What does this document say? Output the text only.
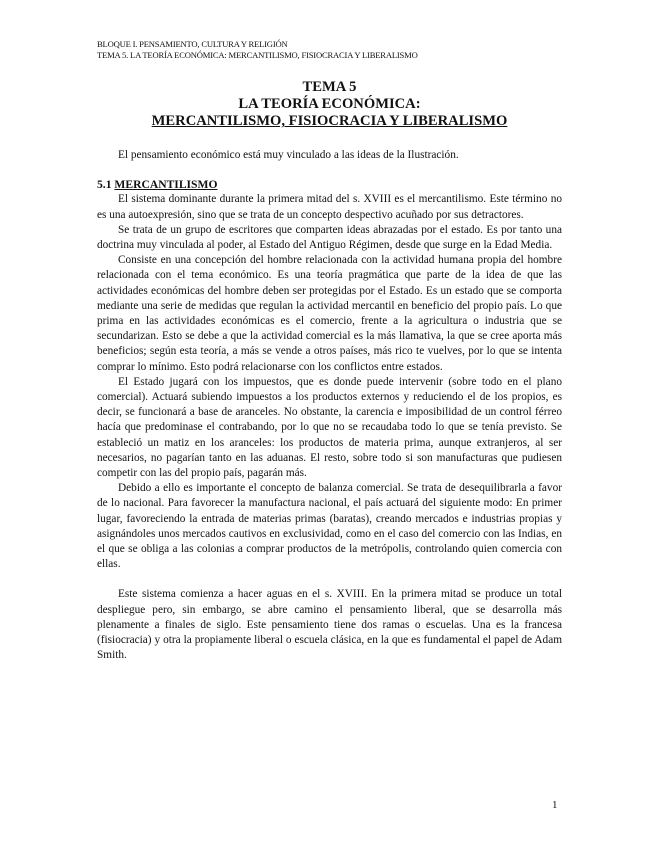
BLOQUE I. PENSAMIENTO, CULTURA Y RELIGIÓN
TEMA 5. LA TEORÍA ECONÓMICA: MERCANTILISMO, FISIOCRACIA Y LIBERALISMO
TEMA 5
LA TEORÍA ECONÓMICA:
MERCANTILISMO, FISIOCRACIA Y LIBERALISMO

El pensamiento económico está muy vinculado a las ideas de la Ilustración.

5.1 MERCANTILISMO

El sistema dominante durante la primera mitad del s. XVIII es el mercantilismo. Este término no es una autoexpresión, sino que se trata de un concepto despectivo acuñado por sus detractores.

Se trata de un grupo de escritores que comparten ideas abrazadas por el estado. Es por tanto una doctrina muy vinculada al poder, al Estado del Antiguo Régimen, desde que surge en la Edad Media.

Consiste en una concepción del hombre relacionada con la actividad humana propia del hombre relacionada con el tema económico. Es una teoría pragmática que parte de la idea de que las actividades económicas del hombre deben ser protegidas por el Estado. Es un estado que se comporta mediante una serie de medidas que regulan la actividad mercantil en beneficio del propio país. Lo que prima en las actividades económicas es el comercio, frente a la agricultura o industria que se secundarizan. Esto se debe a que la actividad comercial es la más llamativa, la que se cree aporta más beneficios; según esta teoría, a más se vende a otros países, más rico te vuelves, por lo que se intenta comprar lo mínimo. Esto podrá relacionarse con los conflictos entre estados.

El Estado jugará con los impuestos, que es donde puede intervenir (sobre todo en el plano comercial). Actuará subiendo impuestos a los productos externos y reduciendo el de los propios, es decir, se funcionará a base de aranceles. No obstante, la carencia e imposibilidad de un control férreo hacía que predominase el contrabando, por lo que no se recaudaba todo lo que se tenía previsto. Se estableció un matiz en los aranceles: los productos de materia prima, aunque extranjeros, al ser necesarios, no pagarían tanto en las aduanas. El resto, sobre todo si son manufacturas que pudiesen competir con las del propio país, pagarán más.

Debido a ello es importante el concepto de balanza comercial. Se trata de desequilibrarla a favor de lo nacional. Para favorecer la manufactura nacional, el país actuará del siguiente modo: En primer lugar, favoreciendo la entrada de materias primas (baratas), creando mercados e industrias propias y asignándoles unos mercados cautivos en exclusividad, como en el caso del comercio con las Indias, en el que se obliga a las colonias a comprar productos de la metrópolis, controlando quien comercia con ellas.

Este sistema comienza a hacer aguas en el s. XVIII. En la primera mitad se produce un total despliegue pero, sin embargo, se abre camino el pensamiento liberal, que se desarrolla más plenamente a finales de siglo. Este pensamiento tiene dos ramas o escuelas. Una es la francesa (fisiocracia) y otra la propiamente liberal o escuela clásica, en la que es fundamental el papel de Adam Smith.

1
